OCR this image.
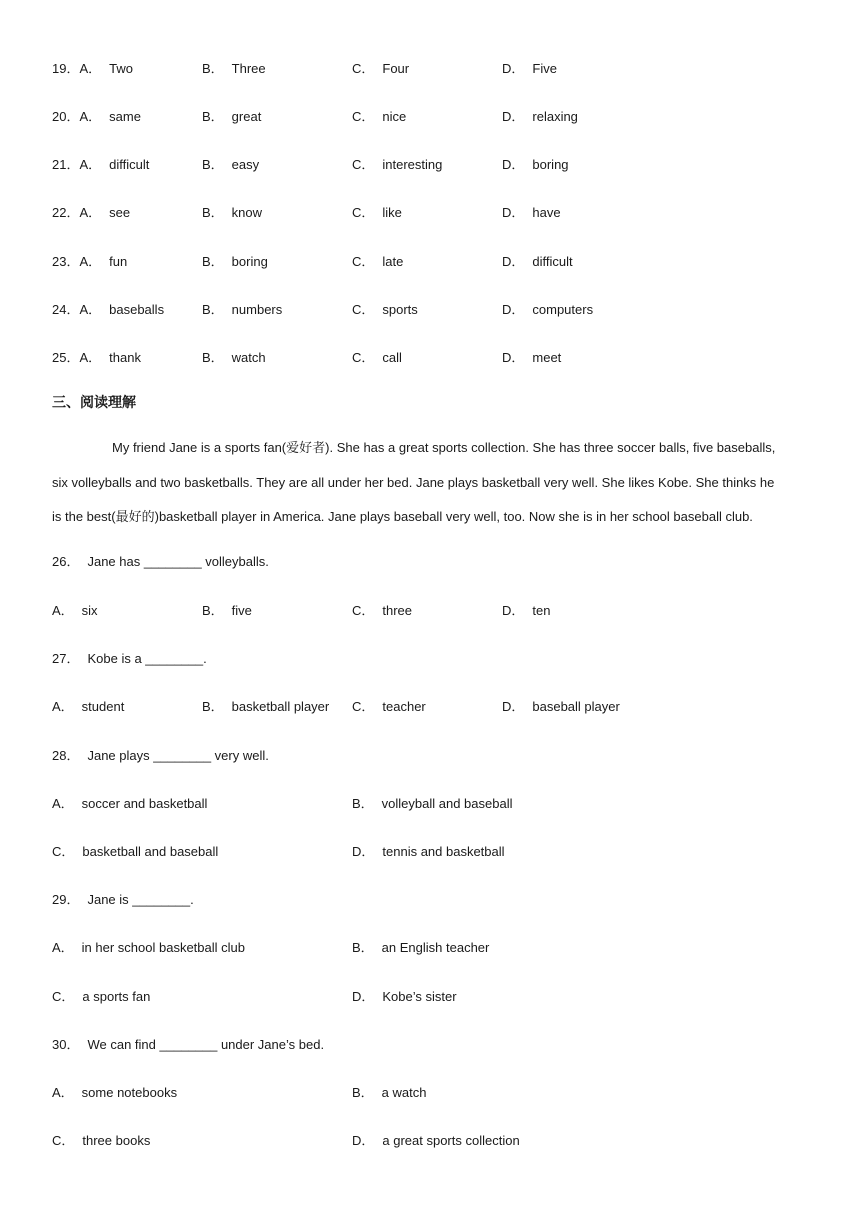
19．A． Two	B． Three	C． Four	D． Five
20．A． same	B． great	C． nice	D． relaxing
21．A． difficult	B． easy	C． interesting	D． boring
22．A． see	B． know	C． like	D． have
23．A． fun	B． boring	C． late	D． difficult
24．A． baseballs	B． numbers	C． sports	D． computers
25．A． thank	B． watch	C． call	D． meet
三、阅读理解
My friend Jane is a sports fan(爱好者). She has a great sports collection. She has three soccer balls, five baseballs,
six volleyballs and two basketballs. They are all under her bed. Jane plays basketball very well. She likes Kobe. She thinks he
is the best(最好的)basketball player in America. Jane plays baseball very well, too. Now she is in her school baseball club.
26． Jane has ________ volleyballs.
A． six	B． five	C． three	D． ten
27． Kobe is a ________.
A． student	B． basketball player C． teacher	D． baseball player
28． Jane plays ________ very well.
A． soccer and basketball	B． volleyball and baseball
C． basketball and baseball	D． tennis and basketball
29． Jane is ________.
A． in her school basketball club	B． an English teacher
C． a sports fan	D． Kobe’s sister
30． We can find ________ under Jane’s bed.
A． some notebooks	B． a watch
C． three books	D． a great sports collection
